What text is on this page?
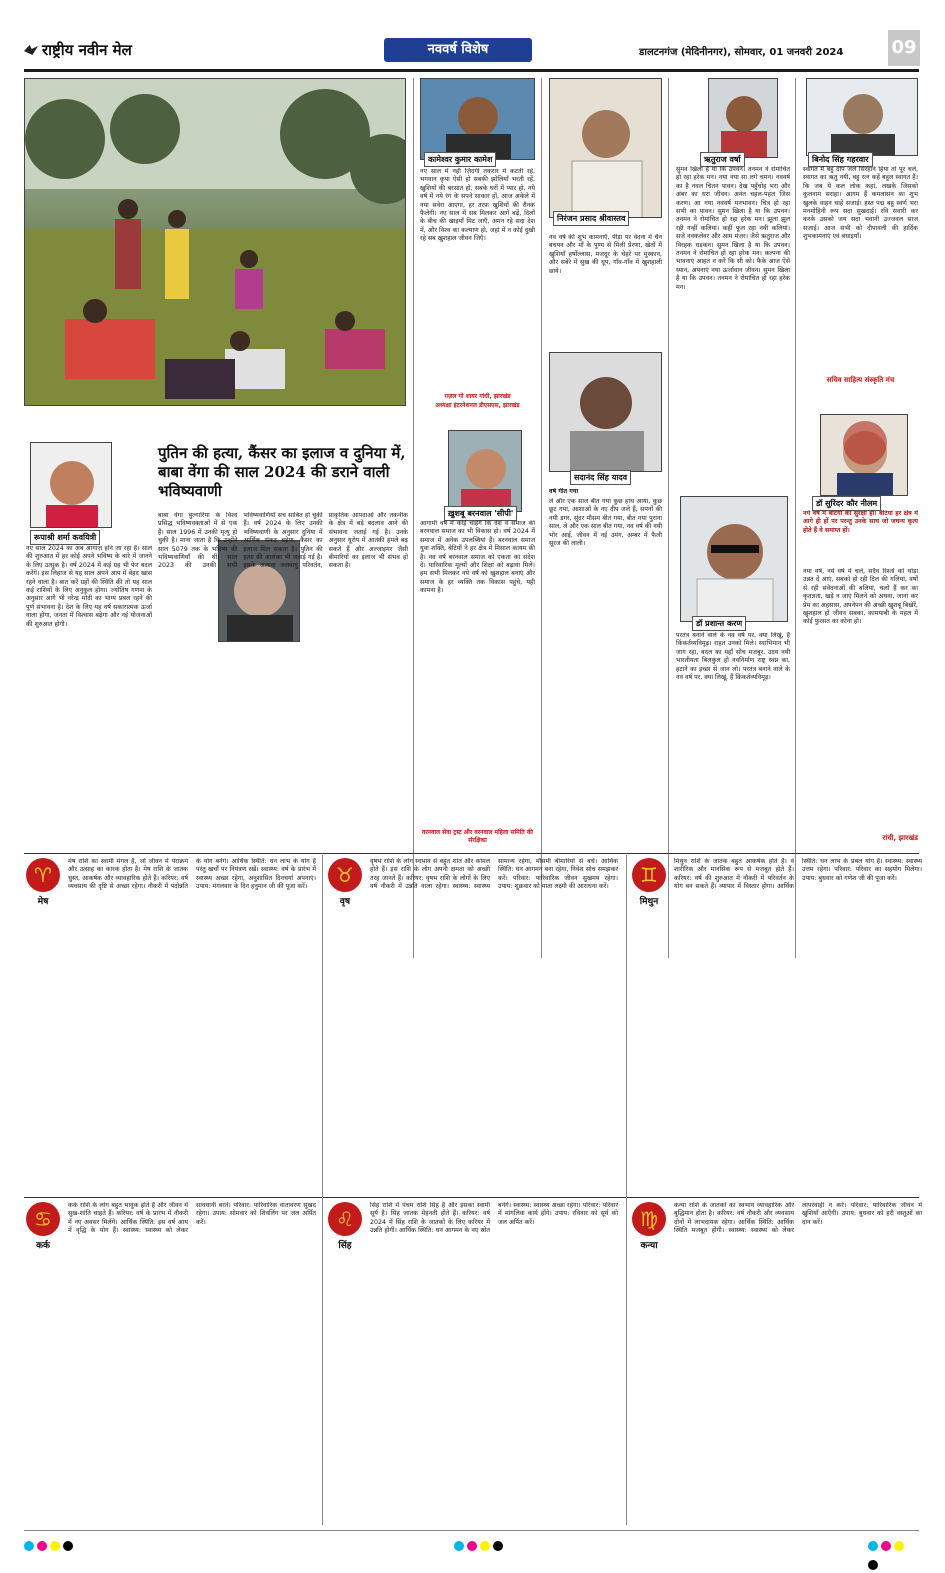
राष्ट्रीय नवीन मेल	नववर्ष विशेष	डालटनगंज (मेदिनीनगर), सोमवार, 01 जनवरी 2024	09
कामेश्वर कुमार कामेश
नए साल में नहीं ज़िंदगी तकरार में कटती रहे, भगवान कृपा ऐसी हो सबकी झोलियाँ भरती रहें, खुशियों की बरसात हो, सबके घरों में प्यार हो, नये वर्ष में नये रंग के सपने साकार हों, आज अकेले में नया सवेरा आएगा, हर तरफ़ खुशियों की रौनक फैलेगी। नए साल में सब मिलकर आगे बढ़ें, दिलों के बीच की खाइयाँ मिट जाएँ, अमन रहे सदा देश में, और विश्व का कल्याण हो, जहां में न कोई दुखी रहे सब ख़ुशहाल जीवन जिएँ।
ग़ज़ल गो शायर गांधी, झारखंड
अध्यक्षा इंटरनेशनल डीएसएस, झारखंड
निरंजन प्रसाद श्रीवास्तव
नव वर्ष की शुभ कामनाएँ, पीड़ा पर वेदना में चैन बचपन और माँ के पुण्य से मिली प्रेरणा, खेतों में खुशियाँ हर्षोल्लास, मजदूर के चेहरे पर मुस्कान, और सबेरे में सुख की धूप, गाँव-गाँव में खुशहाली छाये।
ऋतुराज वर्षा
सुमन खिला है या कि उपवन। तनमन ने रोमांचित हो रहा हरेक मन। नया नया सा लगे चमन। नववर्ष का है नवल चितन पावन। देख पहुँचोह भरा और अंबर का धरा जीवन। अनंत चहल-पहल जिस करण। आ गया नववर्ष मनभावन। चित्र हो रहा सभी का पावन। सुमन खिला है या कि उपवन। तनमन ने रोमांचित हो रहा हरेक मन। झूला झूल रही नन्हीं कलियां। कहीं फूल रहा नयी कलियां। सजे नवकलेवर और आम मंजर। जैसे ऋतुराज और विरहक धड़कन। सुमन खिला है या कि उपवन। तनमन ने रोमांचित हो रहा हरेक मन। कल्पना की भावनाएं आहत न करें कि सी को। फैके आज ऐसे ध्यान, अपनाएं नया ऊर्जावान जीवन। सुमन खिला है या कि उपवन। तनमन ने रोमांचित हो रहा हरेक मन।
बिनोद सिंह गहरवार
स्वागत में बहु दीप जले सिरहाने हिया तो पूर चले, स्वागत का ऋतु नयी, बहु रत्न कहें बहुल स्वागत हैं। कि जब ये कल लोक कहां, लखके जिसको कुलनाम सराहा। आगम हैं कमलासन का शुभ खुलके वाहन चाहें सजाई। हस्त पद्म बहु स्वर्ण भरा मनमोहिनी रूप सदा सुखदाई। रवि सवारी कर करके उसको जय सदा भवानी उज्जवल साज सजाई। आज सभी को दीपावली की हार्दिक शुभकामनाएं एवं बधाइयाँ।
सचिव साहित्य संस्कृति मंच
रूपाश्री शर्मा कवयित्री
नए साल 2024 का अब आगाज़ होने जा रहा है। साल की शुरुआत में हर कोई अपने भविष्य के बारे में जानने के लिए उत्सुक है। वर्ष 2024 में कई ग्रह भी फेर बदल करेंगे। इस लिहाज से यह साल अपने आप में बेहद खास रहने वाला है। बात करें ग्रहों की स्थिति की तो यह साल कई राशियों के लिए अनुकूल होगा। ज्योतिष गणना के अनुसार आगे भी नरेन्द्र मोदी का भाग्य प्रबल रहने की पूर्ण संभावना है। देश के लिए यह वर्ष सकारात्मक ऊर्जा वाला होगा, जनता में विश्वास बढ़ेगा और नई योजनाओं की शुरुआत होगी।
पुतिन की हत्या, कैंसर का इलाज व दुनिया में, बाबा वेंगा की साल 2024 की डराने वाली भविष्यवाणी
बाबा वेंगा बुल्गारिया के विश्व प्रसिद्ध भविष्यवक्ताओं में से एक हैं। साल 1996 में उनकी मृत्यु हो चुकी है। माना जाता है कि उन्होंने साल 5079 तक के भविष्य की भविष्यवाणियाँ की थीं। साल 2023 की उनकी सभी भविष्यवाणियाँ सच साबित हो चुकी हैं। वर्ष 2024 के लिए उनकी भविष्यवाणी के अनुसार दुनिया में आर्थिक संकट बढ़ेगा, कैंसर का इलाज मिल सकता है। पुतिन की हत्या की आशंका भी जताई गई है। इसके अलावा जलवायु परिवर्तन, प्राकृतिक आपदाओं और तकनीक के क्षेत्र में बड़े बदलाव आने की संभावना जताई गई है। उनके अनुसार यूरोप में आतंकी हमले बढ़ सकते हैं और अल्जाइमर जैसी बीमारियों का इलाज भी संभव हो सकता है।
ख़ुशबू बरनवाल 'सीपी'
आगामी वर्ष में कोई चाहेंगे कि देश व समाज की बरनवाल समाज का भी विकास हो। वर्ष 2024 में समाज में अनेक उपलब्धियां हैं। बरनवाल समाज युवा शक्ति, बेटियों ने हर क्षेत्र में मिसाल कायम की है। नव वर्ष बरनवाल समाज को एकता का संदेश दे। पारिवारिक मूल्यों और शिक्षा को बढ़ावा मिले। हम सभी मिलकर नये वर्ष को खुशहाल बनाएं और समाज के हर व्यक्ति तक विकास पहुंचे, यही कामना है।
वरनवाल सेवा ट्रस्ट और वरनवाल महिला समिति की संरक्षिका
सदानंद सिंह यादव
वर्ष गीत गया
ले और एक साल बीत गया कुछ हाथ आया, कुछ छूट गया, आशाओं के नए दीप जले हैं, सपनों की नयी डगर, सुंदर मौसम बीत गया, बीत गया पुराना साल, ले और एक साल बीत गया, नव वर्ष की नयी भोर आई, जीवन में नई उमंग, अम्बर में फैली सूरज की लाली।
डॉ प्रशान्त करण
परतंत्र बनाने वाले के नव वर्ष पर, क्या लिखूं, हैं किंकर्तव्यविमूढ़। राहत उनको मिले। स्वाभिमान भी जाग रहा, बदल का यहाँ सोच मजबूर, उदय नयी भारतीयता बिलकुल हो नवनिर्माण राष्ट्र स्वप्न का, हटाने का इच्छा से जान लो। परतंत्र बनाने वाले के नव वर्ष पर, क्या लिखूं, हैं किंकर्तव्यविमूढ़।
डॉ सुरिंदर कौर नीलम
नये वर्ष में बेटियों की सुरक्षा हो। बेटियां हर क्षेत्र में आगे ही हों पर परन्तु उनके साथ जो जघन्य कृत्य होते हैं वे समाप्त हों।
नया वर्ष, नये वर्ष में चलें, सदैव रिश्तों को थोड़ा उन्नत दें आएं, सबको हो रही दिल की गलियां, वर्षों से रही संवेदनाओं की बलियां, चलो हैं कर का कृतज्ञता, खड़े न जाएं मिलने को अथवा, जाना कर प्रेम का अहसास, अपनेपन की अच्छी खुशबू बिखेरें, खुशहाल हो जीवन सबका, कामयाबी के महल में कोई फुरसत का कोना हो।
रांची, झारखंड
♈
मेष
मेष राशि का स्वामी मंगल है, जो जीवन में पराक्रम और उत्साह का कारक होता है। मेष राशि के जातक चुस्त, आकर्षक और व्यावहारिक होते हैं। करियर: वर्ष व्यवसाय की दृष्टि से अच्छा रहेगा। नौकरी में पदोन्नति के योग बनेंगे। आर्थिक स्थिति: धन लाभ के योग हैं परंतु खर्चों पर नियंत्रण रखें। स्वास्थ्य: वर्ष के प्रारंभ में स्वास्थ्य अच्छा रहेगा, अनुशासित दिनचर्या अपनाएं। उपाय: मंगलवार के दिन हनुमान जी की पूजा करें।	♉
वृष
वृषभ राशि के लोग स्वभाव से बहुत शांत और कोमल होते हैं। इस राशि के लोग अपनी क्षमता को अच्छी तरह जानते हैं। करियर: वृषभ राशि के लोगों के लिए वर्ष नौकरी में उन्नति वाला रहेगा। स्वास्थ्य: स्वास्थ्य सामान्य रहेगा, मौसमी बीमारियों से बचें। आर्थिक स्थिति: धन आगमन बना रहेगा, निवेश सोच समझकर करें। परिवार: पारिवारिक जीवन सुखमय रहेगा। उपाय: शुक्रवार को माता लक्ष्मी की आराधना करें।	♊
मिथुन
मिथुन राशि के जातक बहुत आकर्षक होते हैं। वे शारीरिक और मानसिक रूप से मजबूत होते हैं। करियर: वर्ष की शुरुआत में नौकरी में परिवर्तन के योग बन सकते हैं। व्यापार में विस्तार होगा। आर्थिक स्थिति: धन लाभ के प्रबल योग हैं। स्वास्थ्य: स्वास्थ्य उत्तम रहेगा। परिवार: परिवार का सहयोग मिलेगा। उपाय: बुधवार को गणेश जी की पूजा करें।
♋
कर्क
कर्क राशि के लोग बहुत भावुक होते हैं और जीवन में सुख-शांति चाहते हैं। करियर: वर्ष के प्रारंभ में नौकरी में नए अवसर मिलेंगे। आर्थिक स्थिति: इस वर्ष आय में वृद्धि के योग हैं। स्वास्थ्य: स्वास्थ्य को लेकर सावधानी बरतें। परिवार: पारिवारिक वातावरण सुखद रहेगा। उपाय: सोमवार को शिवलिंग पर जल अर्पित करें।	♌
सिंह
सिंह राशि में पंचम राशि सिंह है और इसका स्वामी सूर्य है। सिंह जातक मेहनती होते हैं। करियर: वर्ष 2024 में सिंह राशि के जातकों के लिए करियर में उन्नति होगी। आर्थिक स्थिति: धन आगमन के नए स्रोत बनेंगे। स्वास्थ्य: स्वास्थ्य अच्छा रहेगा। परिवार: परिवार में मांगलिक कार्य होंगे। उपाय: रविवार को सूर्य को जल अर्पित करें।	♍
कन्या
कन्या राशि के जातकों का स्वभाव व्यावहारिक और बुद्धिमान होता है। करियर: वर्ष नौकरी और व्यवसाय दोनों में लाभदायक रहेगा। आर्थिक स्थिति: आर्थिक स्थिति मजबूत होगी। स्वास्थ्य: स्वास्थ्य को लेकर लापरवाही न करें। परिवार: पारिवारिक जीवन में खुशियाँ आएँगी। उपाय: बुधवार को हरी वस्तुओं का दान करें।
